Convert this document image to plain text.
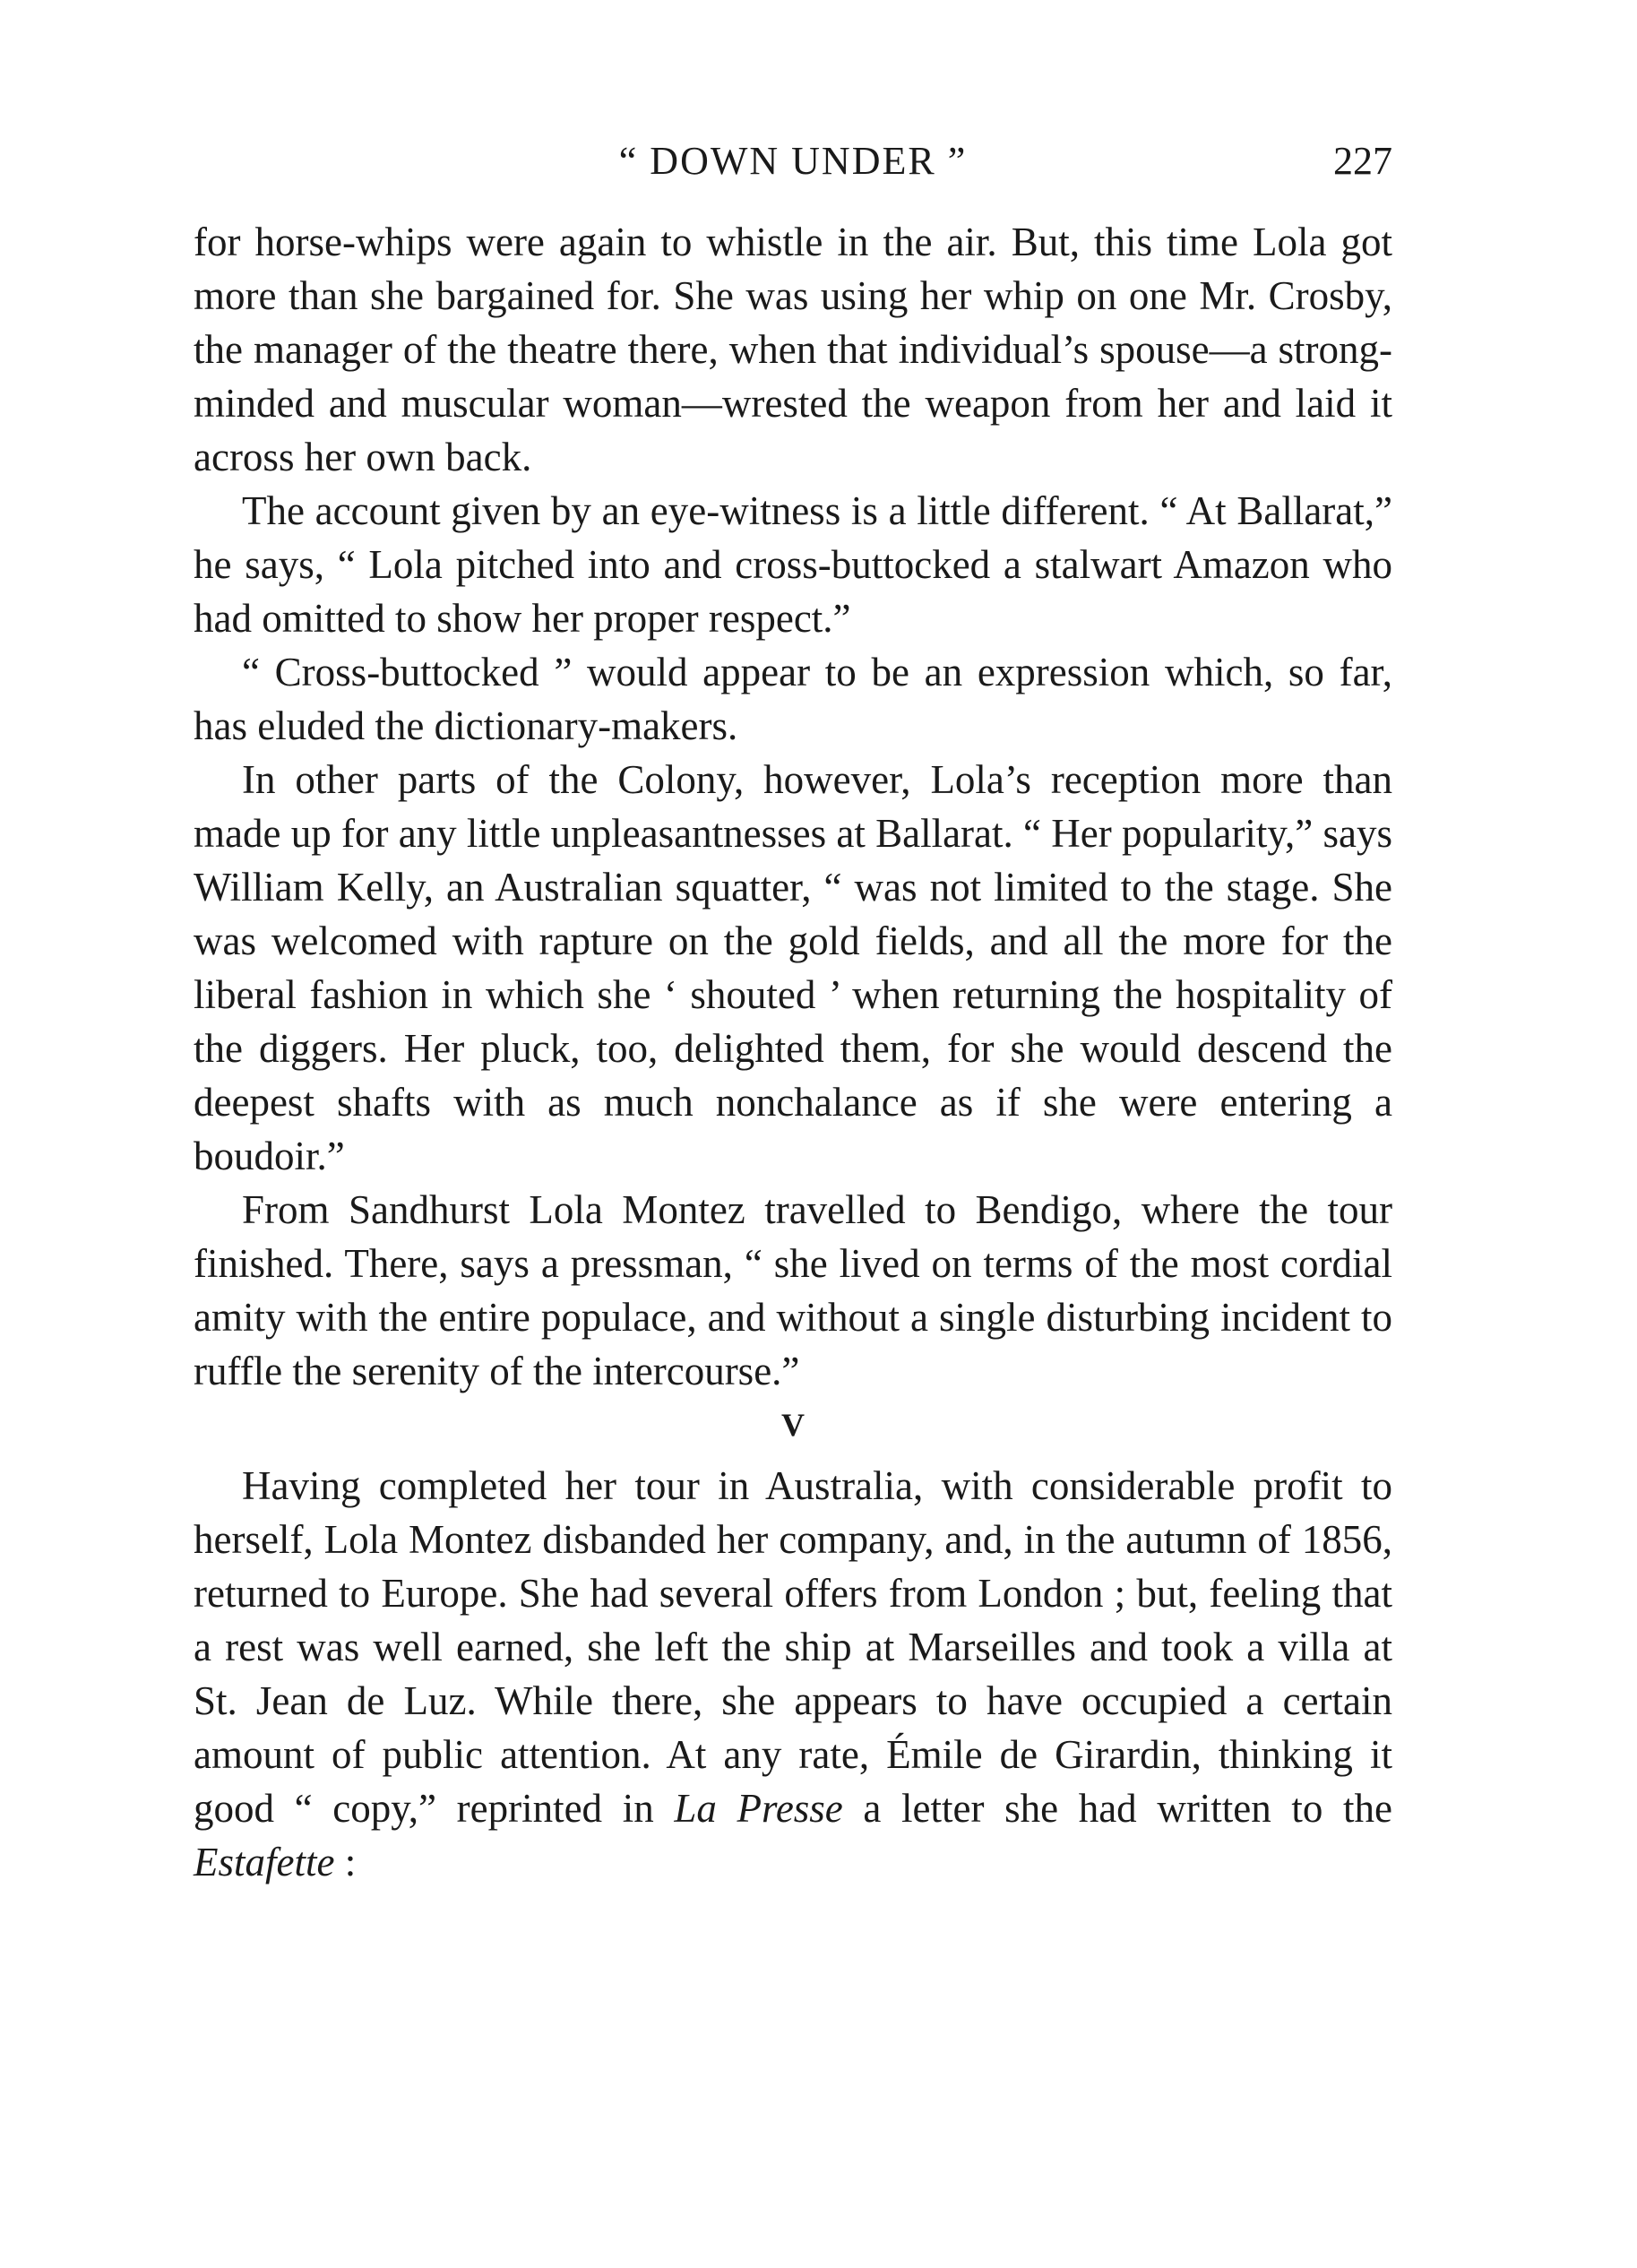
“ DOWN UNDER ”	227

for horse-whips were again to whistle in the air. But, this time Lola got more than she bargained for. She was using her whip on one Mr. Crosby, the manager of the theatre there, when that individual’s spouse—a strong-minded and muscular woman—wrested the weapon from her and laid it across her own back.

The account given by an eye-witness is a little different. “ At Ballarat,” he says, “ Lola pitched into and cross-buttocked a stalwart Amazon who had omitted to show her proper respect.”

“ Cross-buttocked ” would appear to be an expression which, so far, has eluded the dictionary-makers.

In other parts of the Colony, however, Lola’s reception more than made up for any little unpleasantnesses at Ballarat. “ Her popularity,” says William Kelly, an Australian squatter, “ was not limited to the stage. She was welcomed with rapture on the gold fields, and all the more for the liberal fashion in which she ‘ shouted ’ when returning the hospitality of the diggers. Her pluck, too, delighted them, for she would descend the deepest shafts with as much nonchalance as if she were entering a boudoir.”

From Sandhurst Lola Montez travelled to Bendigo, where the tour finished. There, says a pressman, “ she lived on terms of the most cordial amity with the entire populace, and without a single disturbing incident to ruffle the serenity of the intercourse.”

V

Having completed her tour in Australia, with considerable profit to herself, Lola Montez disbanded her company, and, in the autumn of 1856, returned to Europe. She had several offers from London ; but, feeling that a rest was well earned, she left the ship at Marseilles and took a villa at St. Jean de Luz. While there, she appears to have occupied a certain amount of public attention. At any rate, Émile de Girardin, thinking it good “ copy,” reprinted in La Presse a letter she had written to the Estafette :
